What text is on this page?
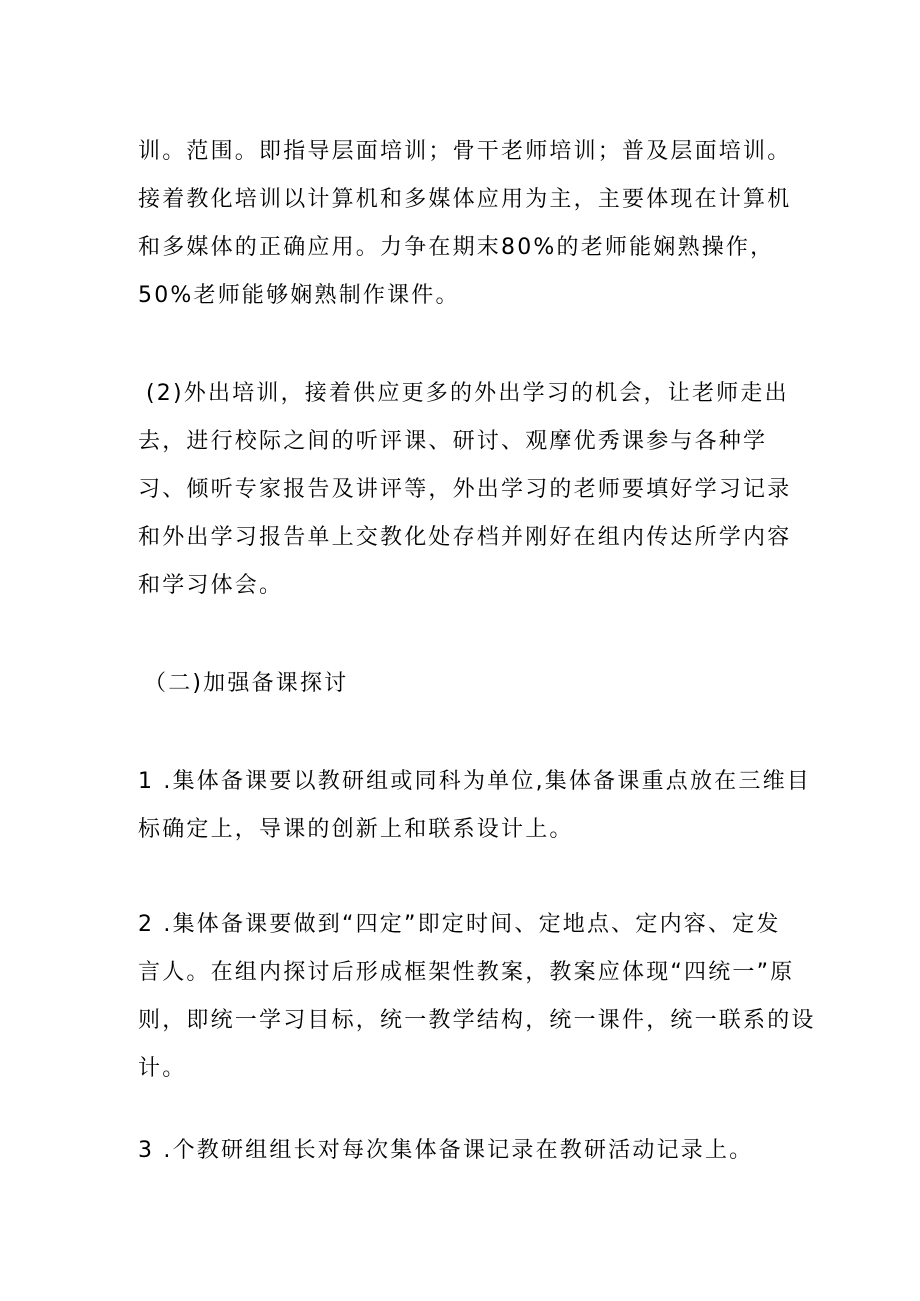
训。范围。即指导层面培训；骨干老师培训；普及层面培训。
接着教化培训以计算机和多媒体应用为主，主要体现在计算机
和多媒体的正确应用。力争在期末80%的老师能娴熟操作，
50%老师能够娴熟制作课件。
(2)外出培训，接着供应更多的外出学习的机会，让老师走出
去，进行校际之间的听评课、研讨、观摩优秀课参与各种学
习、倾听专家报告及讲评等，外出学习的老师要填好学习记录
和外出学习报告单上交教化处存档并刚好在组内传达所学内容
和学习体会。
（二)加强备课探讨
1 .集体备课要以教研组或同科为单位,集体备课重点放在三维目
标确定上，导课的创新上和联系设计上。
2 .集体备课要做到“四定”即定时间、定地点、定内容、定发
言人。在组内探讨后形成框架性教案，教案应体现“四统一”原
则，即统一学习目标，统一教学结构，统一课件，统一联系的设
计。
3 .个教研组组长对每次集体备课记录在教研活动记录上。
